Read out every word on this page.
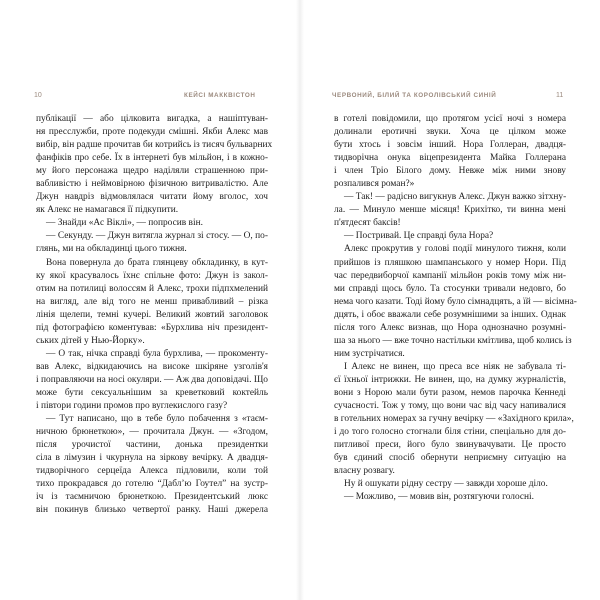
10	КЕЙСІ МАККВІСТОН
публікації — або цілковита вигадка, а нашіптуван-
ня пресслужби, проте подекуди смішні. Якби Алекс мав
вибір, він радше прочитав би котрийсь із тисяч бульварних
фанфіків про себе. Їх в інтернеті був мільйон, і в кожно-
му його персонажа щедро наділяли страшенною при-
вабливістю і неймовірною фізичною витривалістю. Але
Джун навдріз відмовлялася читати йому вголос, хоч
як Алекс не намагався її підкупити.
— Знайди «Ас Віклі», — попросив він.
— Секунду. — Джун витягла журнал зі стосу. — О, по-
глянь, ми на обкладинці цього тижня.
Вона повернула до брата глянцеву обкладинку, в кут-
ку якої красувалось їхнє спільне фото: Джун із закол-
отим на потилиці волоссям й Алекс, трохи підпхмелений
на вигляд, але від того не менш привабливий – різка
лінія щелепи, темні кучері. Великий жовтий заголовок
під фотографією коментував: «Бурхлива ніч президент-
ських дітей у Нью-Йорку».
— О так, нічка справді була бурхлива, — прокоменту-
вав Алекс, відкидаючись на високе шкіряне узголів'я
і поправляючи на носі окуляри. — Аж два доповідачі. Що
може бути сексуальнішим за креветковий коктейль
і півтори години промов про вуглекислого газу?
— Тут написано, що в тебе було побачення з «таєм-
ничною брюнеткою», — прочитала Джун. — «Згодом,
після урочистої частини, донька президентки
сіла в лімузин і чкурнула на зіркову вечірку. А двадця-
тидворічного серцеїда Алекса підловили, коли той
тихо прокрадався до готелю “Даблʼю Гоутел” на зустр-
іч із таємничою брюнеткою. Президентський люкс
він покинув близько четвертої ранку. Наші джерела
ЧЕРВОНИЙ, БІЛИЙ ТА КОРОЛІВСЬКИЙ СИНІЙ	11
в готелі повідомили, що протягом усієї ночі з номера
долинали еротичні звуки. Хоча це цілком може
бути хтось і зовсім інший. Нора Голлеран, двадця-
тидворічна онука віцепрезидента Майка Голлерана
і член Тріо Білого дому. Невже між ними знову
розпалився роман?»
— Так! — радісно вигукнув Алекс. Джун важко зітхну-
ла. — Минуло менше місяця! Крихітко, ти винна мені
п'ятдесят баксів!
— Постривай. Це справді була Нора?
Алекс прокрутив у голові події минулого тижня, коли
прийшов із пляшкою шампанського у номер Нори. Під
час передвиборчої кампанії мільйон років тому між ни-
ми справді щось було. Та стосунки тривали недовго, бо
нема чого казати. Тоді йому було сімнадцять, а їй — вісімна-
дцять, і обоє вважали себе розумнішими за інших. Однак
після того Алекс визнав, що Нора однозначно розумні-
ша за нього — вже точно настільки кмітлива, щоб колись із
ним зустрічатися.
І Алекс не винен, що преса все ніяк не забувала ті-
єї їхньої інтрижки. Не винен, що, на думку журналістів,
вони з Норою мали бути разом, немов парочка Кеннеді
сучасності. Тож у тому, що вони час від часу напивалися
в готельних номерах за гучну вечірку — «Західного крила»,
і до того голосно стогнали біля стіни, спеціально для до-
питливої преси, його було звинувачувати. Це просто
був єдиний спосіб обернути неприємну ситуацію на
власну розвагу.
Ну й ошукати рідну сестру — завжди хороше діло.
— Можливо, — мовив він, розтягуючи голосні.
